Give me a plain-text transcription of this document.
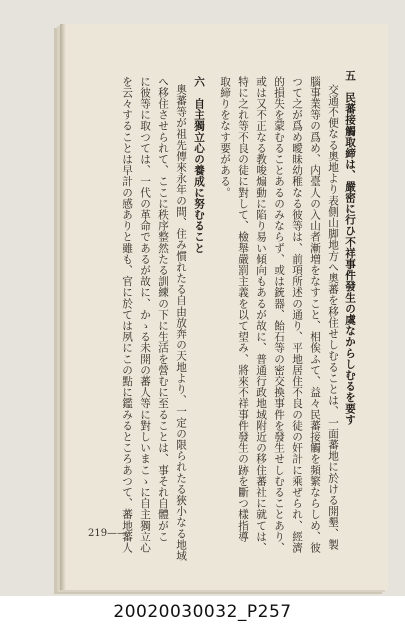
五　民蕃接觸取締は、嚴密に行ひ不祥事件發生の虞なからしむるを要す
交通不便なる奧地より表側山脚地方へ奧蕃を移住せしむることは、一面蕃地に於ける開墾、製
腦事業等の爲め、内臺人の入山者漸増をなすこと、相俟ふて、益々民蕃接觸を頻繁ならしめ、彼
つて之が爲め曖昧幼稚なる彼等は、前項所述の通り、平地居住不良の徒の奸計に乘ぜられ、經濟
的損失を蒙むることあるのみならず、或は銃器、飴石等の密交換事件を發生せしむることあり、
或は又不正なる教唆煽動に陷り易い傾向もあるが故に、普通行政地域附近の移住蕃社に就ては、
特に之れ等不良の徒に對して、檢舉嚴罰主義を以て望み、將來不祥事件發生の跡を斷つ樣指導
取締りをなす要がある。
六　自主獨立心の養成に努むること
奧蕃等が祖先傳來永年の間、住み慣れたる自由放奔の天地より、一定の限られたる狹小なる地域
へ移住させられて、ここに秩序整然たる訓練の下に生活を營むに至ることは、事それ自體がこ
に彼等に取つては、一代の革命であるが故に、かゝる未開の蕃人等に對しいまこゝに自主獨立心
を云々することは早計の感ありと雖も、官に於ては夙にこの點に鑑みるところあつて、蕃地蕃人
219——
20020030032_P257
